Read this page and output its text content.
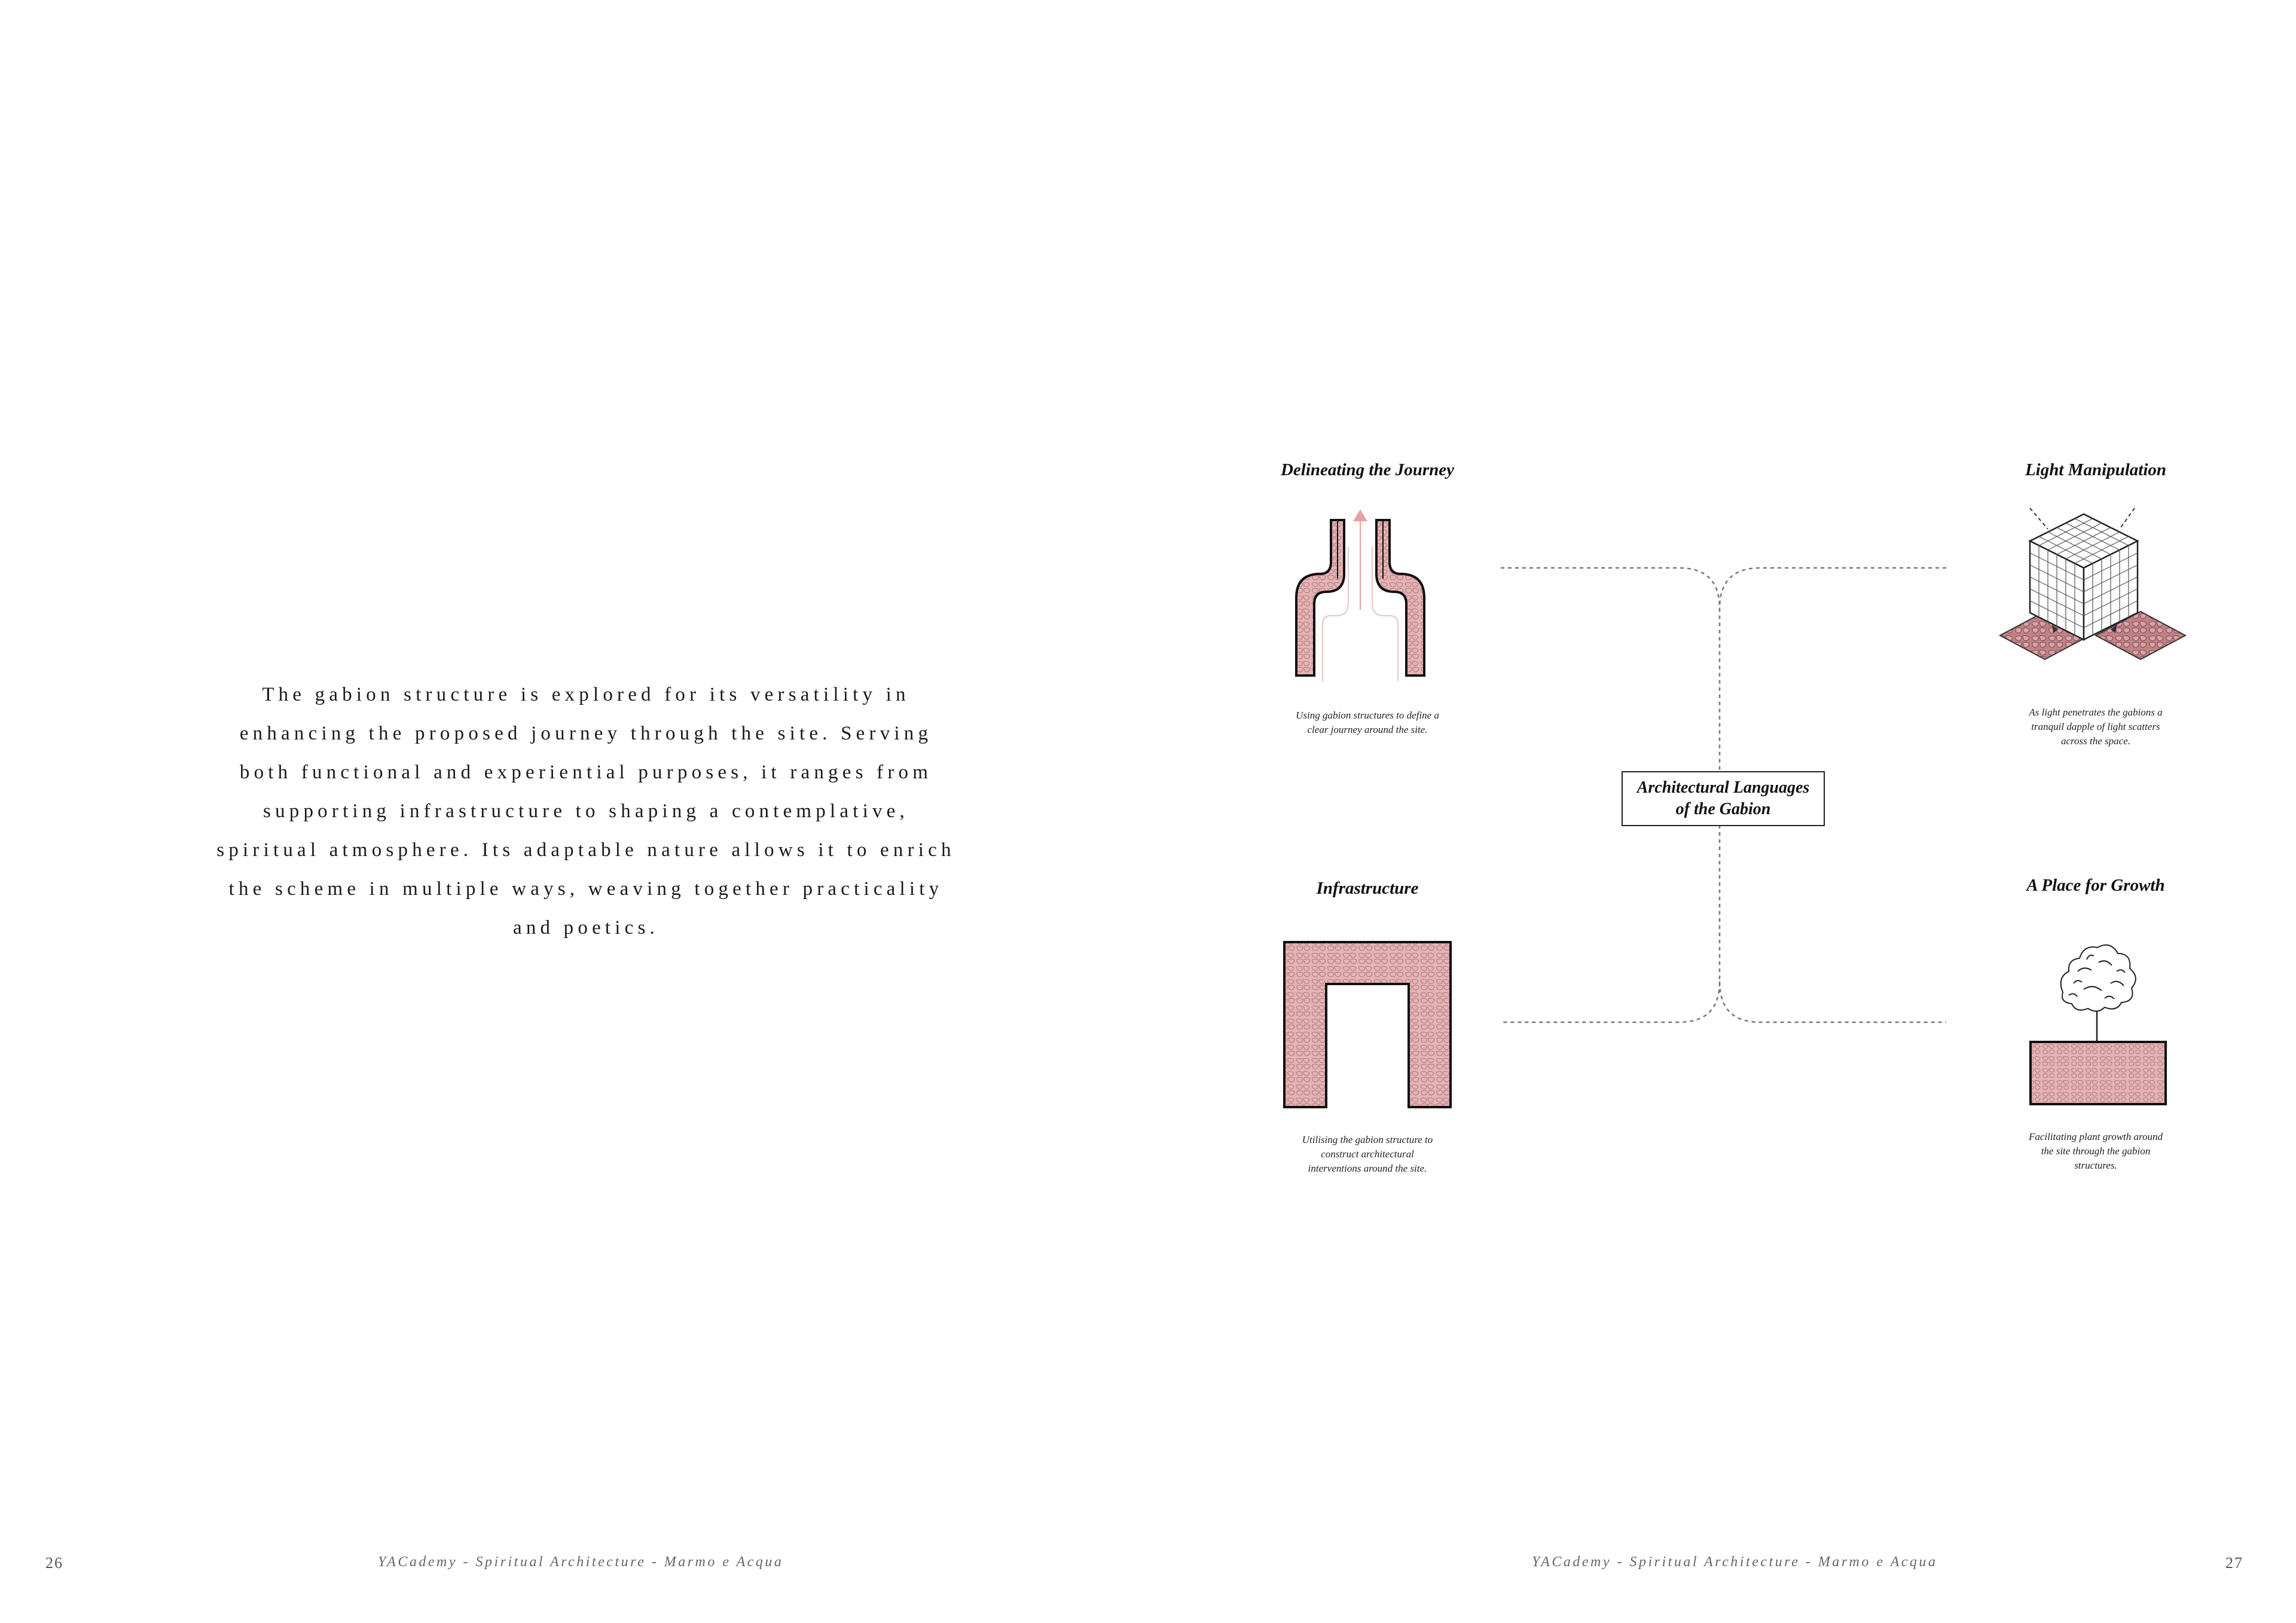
The gabion structure is explored for its versatility in

enhancing the proposed journey through the site. Serving

both functional and experiential purposes, it ranges from

supporting infrastructure to shaping a contemplative,

spiritual atmosphere. Its adaptable nature allows it to enrich

the scheme in multiple ways, weaving together practicality

and poetics.

26	YACademy - Spiritual Architecture - Marmo e Acqua	YACademy - Spiritual Architecture - Marmo e Acqua	27
Architectural Languages
of the Gabion
Delineating the Journey
Using gabion structures to define a
clear journey around the site.
Light Manipulation
As light penetrates the gabions a
tranquil dapple of light scatters
across the space.
Infrastructure
Utilising the gabion structure to
construct architectural
interventions around the site.
A Place for Growth
Facilitating plant growth around
the site through the gabion
structures.
